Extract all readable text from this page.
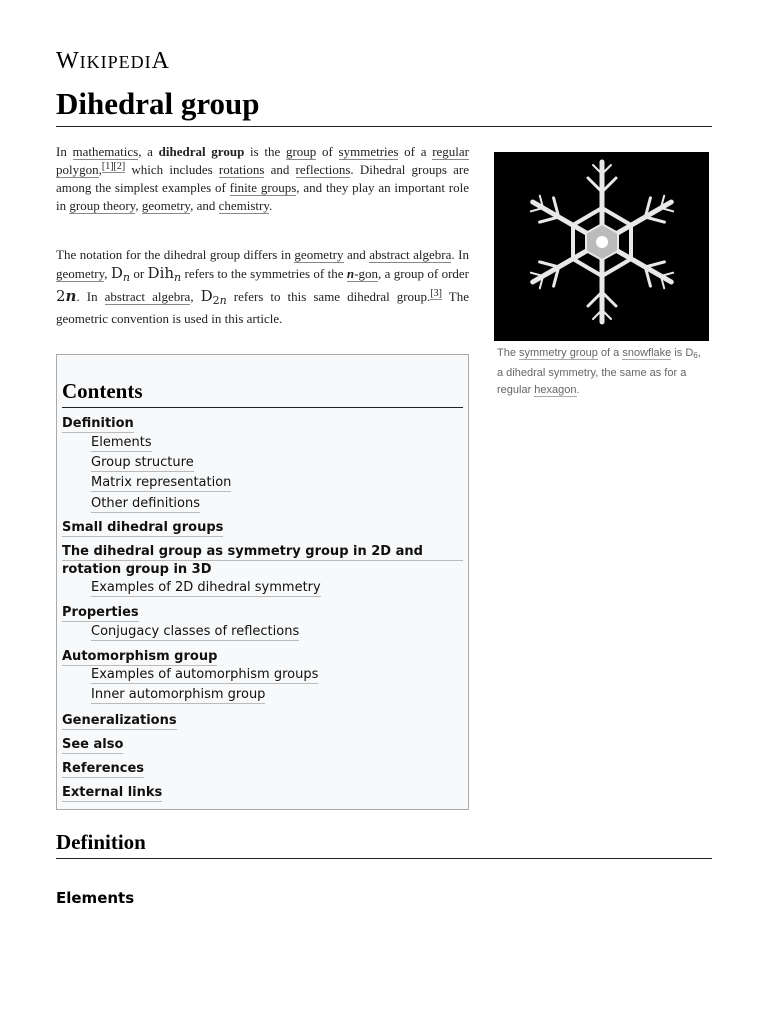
WIKIPEDIA
Dihedral group

In mathematics, a dihedral group is the group of symmetries of a regular polygon,[1][2] which includes rotations and reflections. Dihedral groups are among the simplest examples of finite groups, and they play an important role in group theory, geometry, and chemistry.

The notation for the dihedral group differs in geometry and abstract algebra. In geometry, $D_n$ or Dih$_n$ refers to the symmetries of the n-gon, a group of order 2n. In abstract algebra, $D_{2n}$ refers to this same dihedral group.[3] The geometric convention is used in this article.

The symmetry group of a snowflake is $D_6$, a dihedral symmetry, the same as for a regular hexagon.
Contents
Definition
Elements
Group structure
Matrix representation
Other definitions
Small dihedral groups
The dihedral group as symmetry group in 2D and
rotation group in 3D
Examples of 2D dihedral symmetry
Properties
Conjugacy classes of reflections
Automorphism group
Examples of automorphism groups
Inner automorphism group
Generalizations
See also
References
External links
Definition
Elements
